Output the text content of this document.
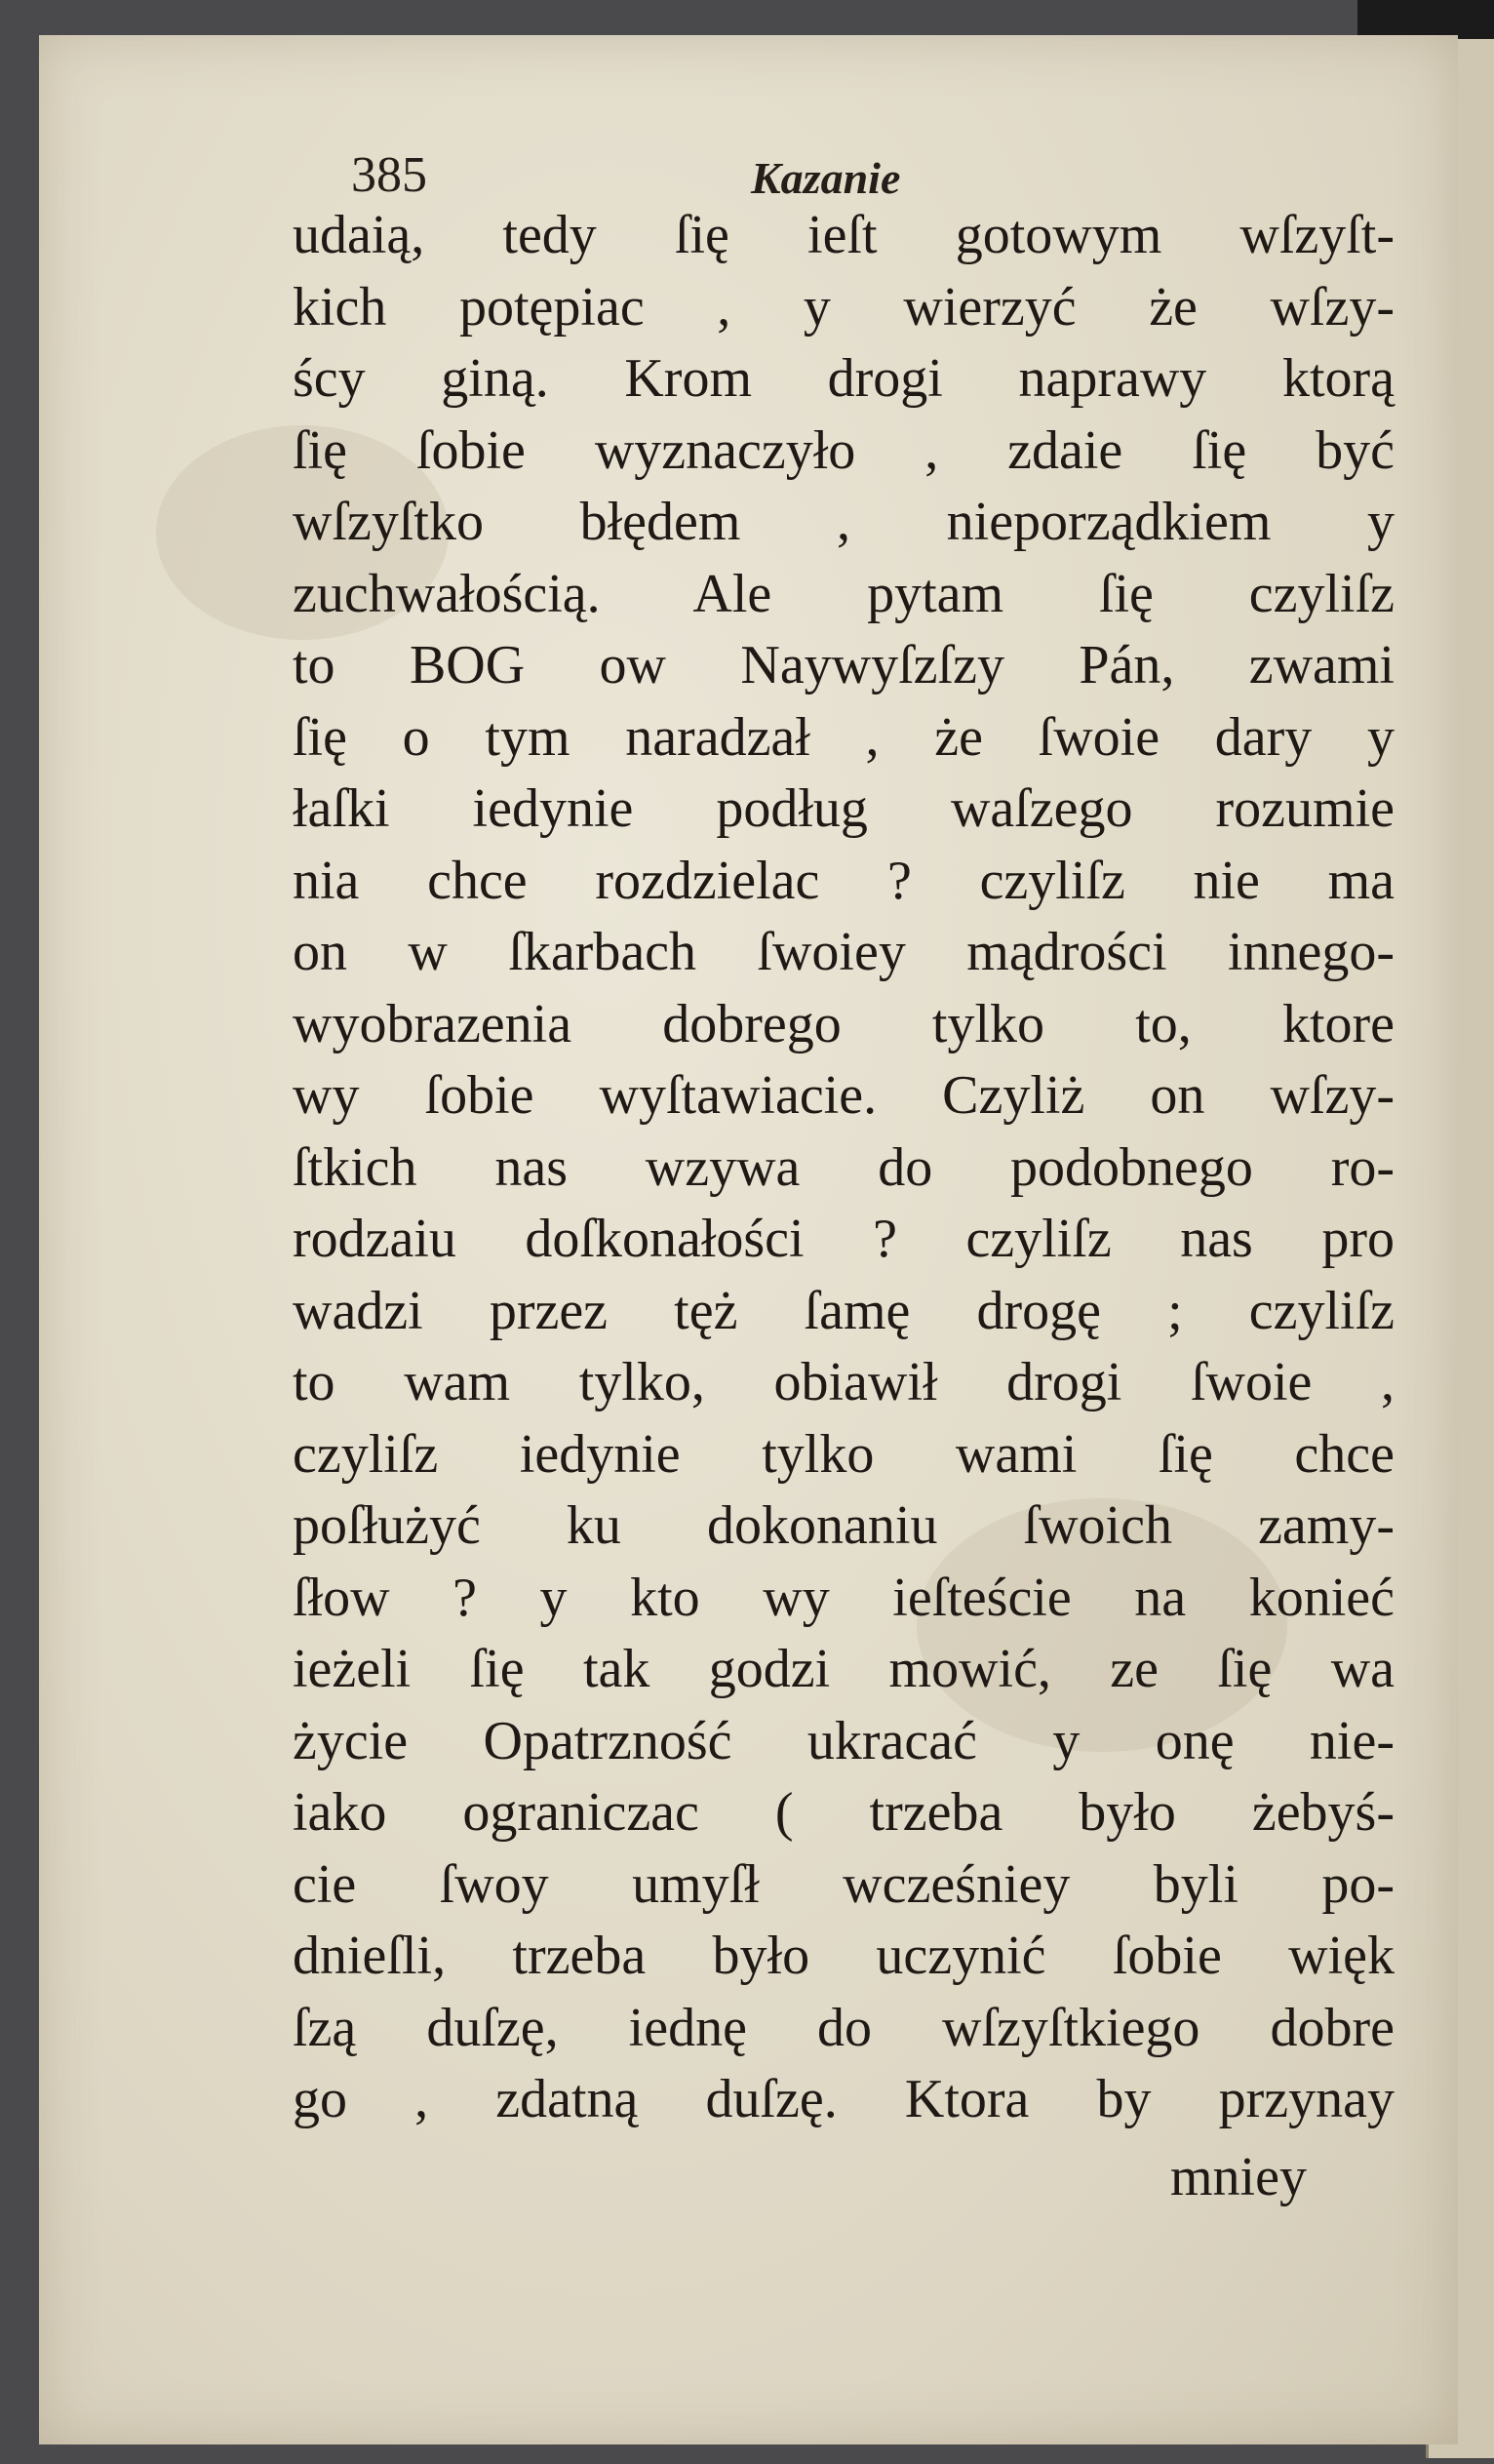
385	Kazanie
udaią, tedy ſię ieſt gotowym wſzyſt-
kich potępiac , y wierzyć że wſzy-
ścy giną. Krom drogi naprawy ktorą
ſię ſobie wyznaczyło , zdaie ſię być
wſzyſtko błędem , nieporządkiem y
zuchwałością. Ale pytam ſię czyliſz
to BOG ow Naywyſzſzy Pán, zwami
ſię o tym naradzał , że ſwoie dary y
łaſki iedynie podług waſzego rozumie
nia chce rozdzielac ? czyliſz nie ma
on w ſkarbach ſwoiey mądrości innego-
wyobrazenia dobrego tylko to, ktore
wy ſobie wyſtawiacie. Czyliż on wſzy-
ſtkich nas wzywa do podobnego ro-
rodzaiu doſkonałości ? czyliſz nas pro
wadzi przez tęż ſamę drogę ; czyliſz
to wam tylko, obiawił drogi ſwoie ,
czyliſz iedynie tylko wami ſię chce
poſłużyć ku dokonaniu ſwoich zamy-
ſłow ? y kto wy ieſteście na konieć
ieżeli ſię tak godzi mowić, ze ſię wa
życie Opatrzność ukracać y onę nie-
iako ograniczac ( trzeba było żebyś-
cie ſwoy umyſł wcześniey byli po-
dnieſli, trzeba było uczynić ſobie więk
ſzą duſzę, iednę do wſzyſtkiego dobre
go , zdatną duſzę. Ktora by przynay
mniey
